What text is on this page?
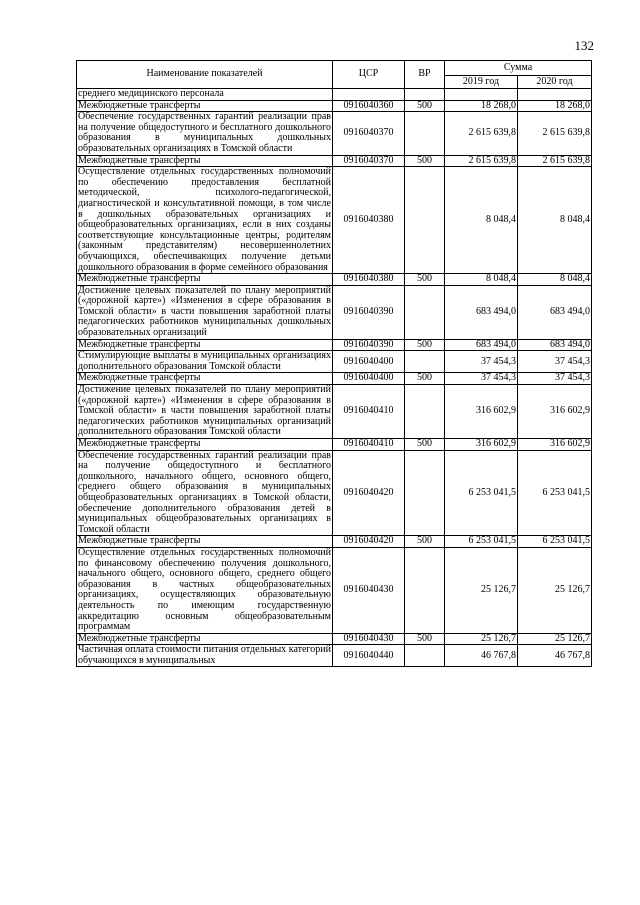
132
Наименование показателей	ЦСР	ВР	Сумма	
			2019 год	2020 год
среднего медицинского персонала				
Межбюджетные трансферты	0916040360	500	18 268,0	18 268,0
Обеспечение государственных гарантий реализации прав на получение общедоступного и бесплатного дошкольного образования в муниципальных дошкольных образовательных организациях в Томской области	0916040370		2 615 639,8	2 615 639,8
Межбюджетные трансферты	0916040370	500	2 615 639,8	2 615 639,8
Осуществление отдельных государственных полномочий по обеспечению предоставления бесплатной методической, психолого-педагогической, диагностической и консультативной помощи, в том числе в дошкольных образовательных организациях и общеобразовательных организациях, если в них созданы соответствующие консультационные центры, родителям (законным представителям) несовершеннолетних обучающихся, обеспечивающих получение детьми дошкольного образования в форме семейного образования	0916040380		8 048,4	8 048,4
Межбюджетные трансферты	0916040380	500	8 048,4	8 048,4
Достижение целевых показателей по плану мероприятий («дорожной карте») «Изменения в сфере образования в Томской области» в части повышения заработной платы педагогических работников муниципальных дошкольных образовательных организаций	0916040390		683 494,0	683 494,0
Межбюджетные трансферты	0916040390	500	683 494,0	683 494,0
Стимулирующие выплаты в муниципальных организациях дополнительного образования Томской области	0916040400		37 454,3	37 454,3
Межбюджетные трансферты	0916040400	500	37 454,3	37 454,3
Достижение целевых показателей по плану мероприятий («дорожной карте») «Изменения в сфере образования в Томской области» в части повышения заработной платы педагогических работников муниципальных организаций дополнительного образования Томской области	0916040410		316 602,9	316 602,9
Межбюджетные трансферты	0916040410	500	316 602,9	316 602,9
Обеспечение государственных гарантий реализации прав на получение общедоступного и бесплатного дошкольного, начального общего, основного общего, среднего общего образования в муниципальных общеобразовательных организациях в Томской области, обеспечение дополнительного образования детей в муниципальных общеобразовательных организациях в Томской области	0916040420		6 253 041,5	6 253 041,5
Межбюджетные трансферты	0916040420	500	6 253 041,5	6 253 041,5
Осуществление отдельных государственных полномочий по финансовому обеспечению получения дошкольного, начального общего, основного общего, среднего общего образования в частных общеобразовательных организациях, осуществляющих образовательную деятельность по имеющим государственную аккредитацию основным общеобразовательным программам	0916040430		25 126,7	25 126,7
Межбюджетные трансферты	0916040430	500	25 126,7	25 126,7
Частичная оплата стоимости питания отдельных категорий обучающихся в муниципальных	0916040440		46 767,8	46 767,8
